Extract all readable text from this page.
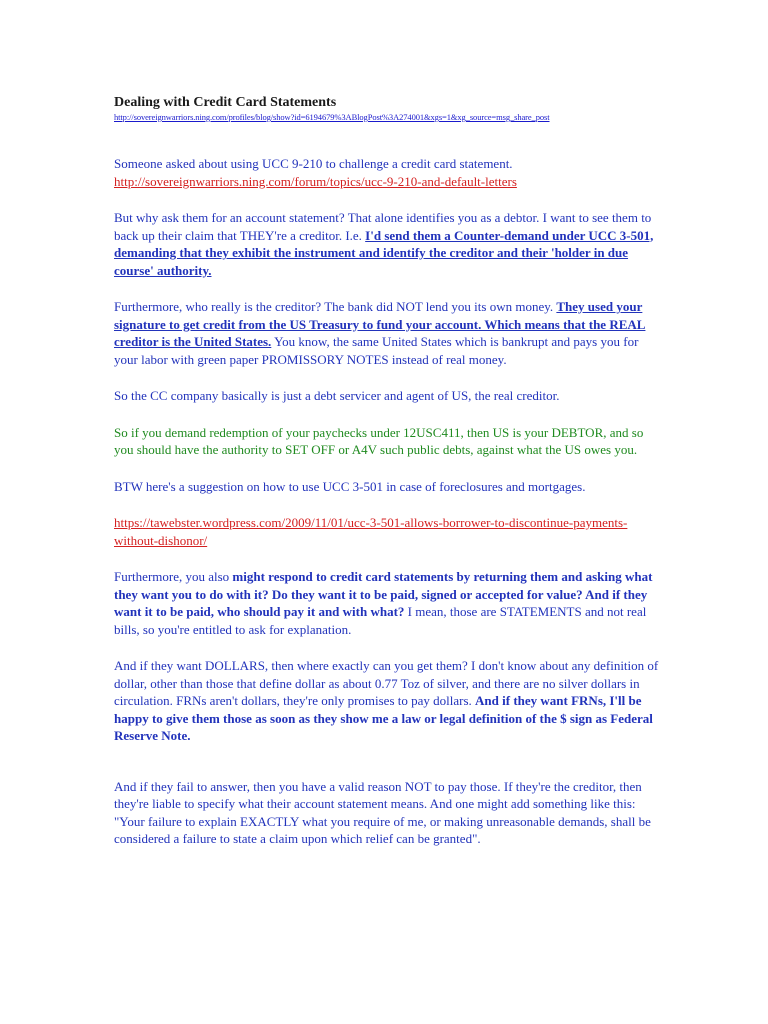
Dealing with Credit Card Statements
http://sovereignwarriors.ning.com/profiles/blog/show?id=6194679%3ABlogPost%3A274001&xgs=1&xg_source=msg_share_post

Someone asked about using UCC 9-210 to challenge a credit card statement.

http://sovereignwarriors.ning.com/forum/topics/ucc-9-210-and-default-letters

But why ask them for an account statement? That alone identifies you as a debtor. I want to see them to back up their claim that THEY're a creditor. I.e. I'd send them a Counter-demand under UCC 3-501, demanding that they exhibit the instrument and identify the creditor and their 'holder in due course' authority.

Furthermore, who really is the creditor? The bank did NOT lend you its own money. They used your signature to get credit from the US Treasury to fund your account. Which means that the REAL creditor is the United States. You know, the same United States which is bankrupt and pays you for your labor with green paper PROMISSORY NOTES instead of real money.

So the CC company basically is just a debt servicer and agent of US, the real creditor.

So if you demand redemption of your paychecks under 12USC411, then US is your DEBTOR, and so you should have the authority to SET OFF or A4V such public debts, against what the US owes you.

BTW here's a suggestion on how to use UCC 3-501 in case of foreclosures and mortgages.

https://tawebster.wordpress.com/2009/11/01/ucc-3-501-allows-borrower-to-discontinue-payments-without-dishonor/

Furthermore, you also might respond to credit card statements by returning them and asking what they want you to do with it? Do they want it to be paid, signed or accepted for value? And if they want it to be paid, who should pay it and with what? I mean, those are STATEMENTS and not real bills, so you're entitled to ask for explanation.

And if they want DOLLARS, then where exactly can you get them? I don't know about any definition of dollar, other than those that define dollar as about 0.77 Toz of silver, and there are no silver dollars in circulation. FRNs aren't dollars, they're only promises to pay dollars. And if they want FRNs, I'll be happy to give them those as soon as they show me a law or legal definition of the $ sign as Federal Reserve Note.

And if they fail to answer, then you have a valid reason NOT to pay those. If they're the creditor, then they're liable to specify what their account statement means. And one might add something like this: "Your failure to explain EXACTLY what you require of me, or making unreasonable demands, shall be considered a failure to state a claim upon which relief can be granted".
